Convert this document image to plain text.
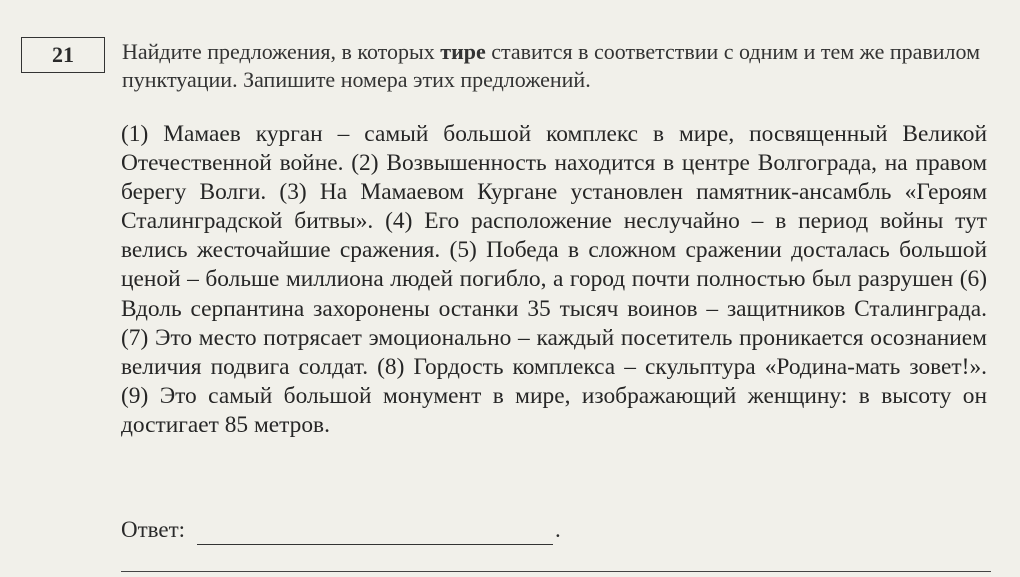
21	Найдите предложения, в которых тире ставится в соответствии с одним и тем же правилом пунктуации. Запишите номера этих предложений.

(1) Мамаев курган – самый большой комплекс в мире, посвященный Великой Отечественной войне. (2) Возвышенность находится в центре Волгограда, на правом берегу Волги. (3) На Мамаевом Кургане установлен памятник-ансамбль «Героям Сталинградской битвы». (4) Его расположение неслучайно – в период войны тут велись жесточайшие сражения. (5) Победа в сложном сражении досталась большой ценой – больше миллиона людей погибло, а город почти полностью был разрушен (6) Вдоль серпантина захоронены останки 35 тысяч воинов – защитников Сталинграда. (7) Это место потрясает эмоционально – каждый посетитель проникается осознанием величия подвига солдат. (8) Гордость комплекса – скульптура «Родина-мать зовет!». (9) Это самый большой монумент в мире, изображающий женщину: в высоту он достигает 85 метров.

Ответ:	.
